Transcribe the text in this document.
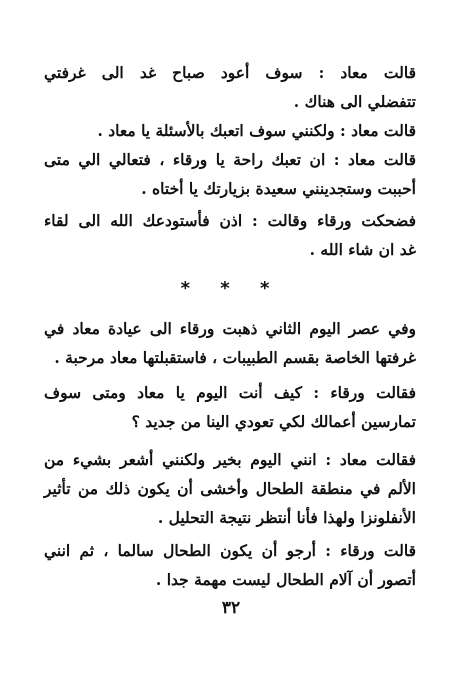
قالت معاد : سوف أعود صباح غد الى غرفتي
تتفضلي الى هناك .

قالت معاد : ولكنني سوف اتعبك بالأسئلة يا معاد .
قالت معاد : ان تعبك راحة يا ورقاء ، فتعالي الي متى
أحببت وستجدينني سعيدة بزيارتك يا أختاه .

فضحكت ورقاء وقالت : اذن فأستودعك الله الى لقاء
غد ان شاء الله .

* * *

وفي عصر اليوم الثاني ذهبت ورقاء الى عيادة معاد في
غرفتها الخاصة بقسم الطبيبات ، فاستقبلتها معاد مرحبة .

فقالت ورقاء : كيف أنت اليوم يا معاد ومتى سوف
تمارسين أعمالك لكي تعودي الينا من جديد ؟

فقالت معاد : انني اليوم بخير ولكنني أشعر بشيء من
الألم في منطقة الطحال وأخشى أن يكون ذلك من تأثير
الأنفلونزا ولهذا فأنا أنتظر نتيجة التحليل .

قالت ورقاء : أرجو أن يكون الطحال سالما ، ثم انني
أتصور أن آلام الطحال ليست مهمة جدا .

٣٢
